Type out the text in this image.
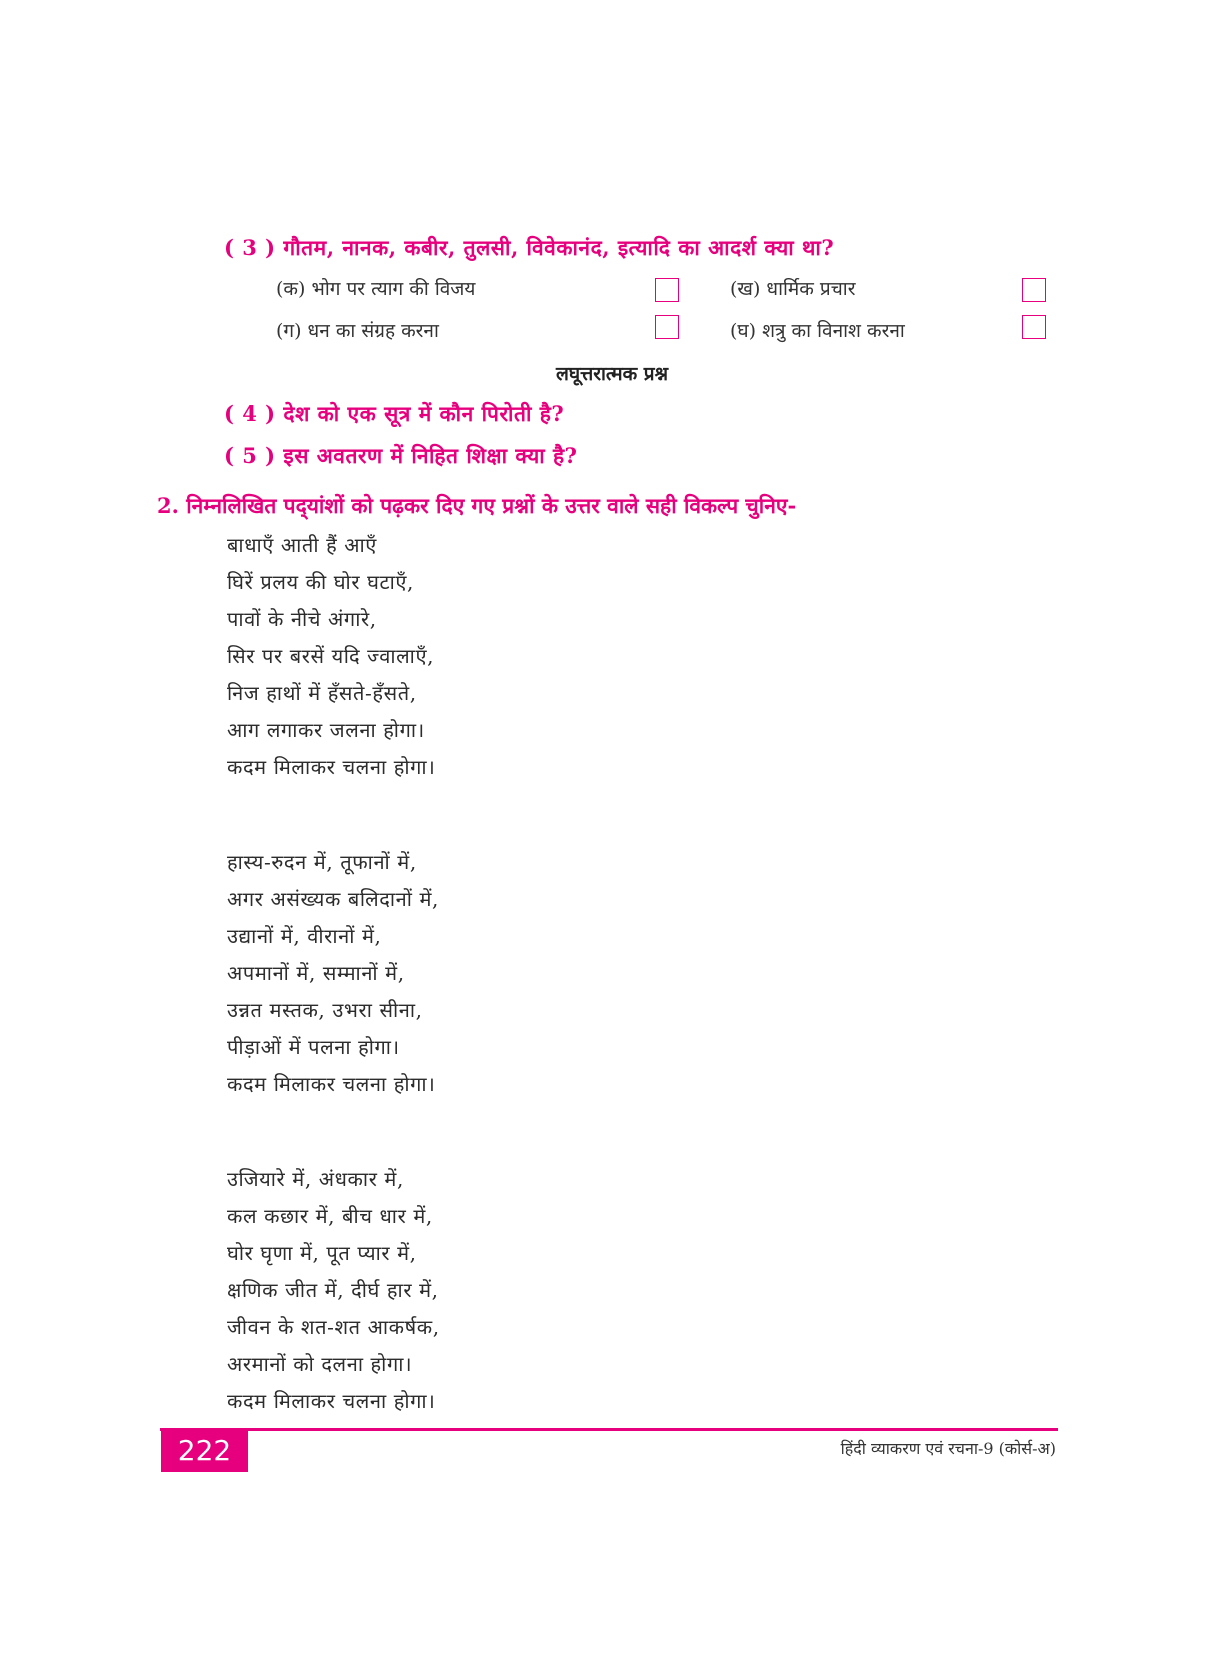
( 3 ) गौतम, नानक, कबीर, तुलसी, विवेकानंद, इत्यादि का आदर्श क्या था?
(क) भोग पर त्याग की विजय	(ख) धार्मिक प्रचार
(ग) धन का संग्रह करना	(घ) शत्रु का विनाश करना
लघूत्तरात्मक प्रश्न
( 4 ) देश को एक सूत्र में कौन पिरोती है?
( 5 ) इस अवतरण में निहित शिक्षा क्या है?
2. निम्नलिखित पद्‌यांशों को पढ़कर दिए गए प्रश्नों के उत्तर वाले सही विकल्प चुनिए-
बाधाएँ आती हैं आएँ
घिरें प्रलय की घोर घटाएँ,
पावों के नीचे अंगारे,
सिर पर बरसें यदि ज्वालाएँ,
निज हाथों में हँसते-हँसते,
आग लगाकर जलना होगा।
कदम मिलाकर चलना होगा।
हास्य-रुदन में, तूफानों में,
अगर असंख्यक बलिदानों में,
उद्यानों में, वीरानों में,
अपमानों में, सम्मानों में,
उन्नत मस्तक, उभरा सीना,
पीड़ाओं में पलना होगा।
कदम मिलाकर चलना होगा।
उजियारे में, अंधकार में,
कल कछार में, बीच धार में,
घोर घृणा में, पूत प्यार में,
क्षणिक जीत में, दीर्घ हार में,
जीवन के शत-शत आकर्षक,
अरमानों को दलना होगा।
कदम मिलाकर चलना होगा।
222	हिंदी व्याकरण एवं रचना-9 (कोर्स-अ)
